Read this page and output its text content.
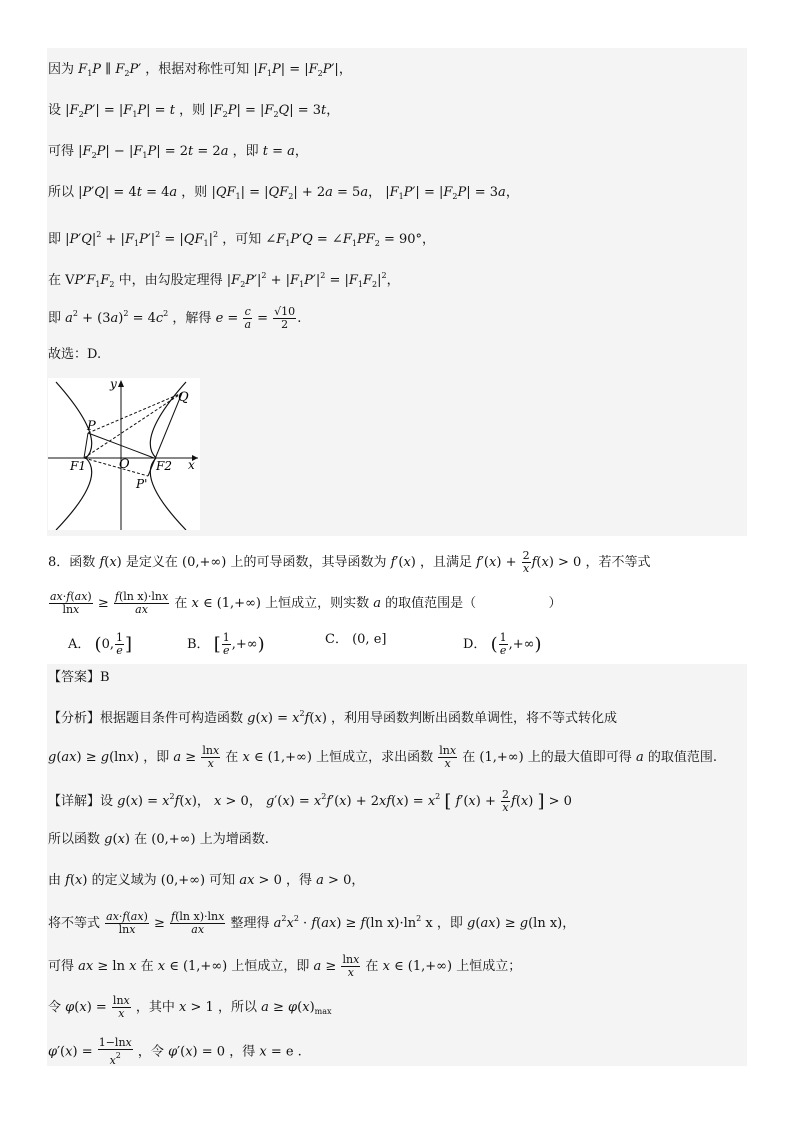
因为 $F_1P$ ∥ $F_2P'$ ，根据对称性可知 $|F_1P| = |F_2P'|$，
设 $|F_2P'| = |F_1P| = t$ ，则 $|F_2P| = |F_2Q| = 3t$，
可得 $|F_2P| - |F_1P| = 2t = 2a$ ，即 t = a，
所以 |P′Q| = 4t = 4a ，则 $|QF_1| = |QF_2| + 2a = 5a$， $|F_1P'| = |F_2P| = 3a$，
即 $|P'Q|^2 + |F_1P'|^2 = |QF_1|^2$ ，可知 $\angle F_1P'Q$ = $\angle F_1PF_2 = 90^\circ$，
在 $VP'F_1F_2$ 中，由勾股定理得 $|F_2P'|^2 + |F_1P'|^2 = |F_1F_2|^2$，
即 $a^2 + (3a)^2 = 4c^2$ ，解得 $e = \frac{c}{a} = \frac{√10}{2}$ .
故选：D.
y
Q
P
F1	O F2 x
P'
8．函数 f(x) 是定义在 (0,+∞) 上的可导函数，其导函数为 f′(x) ，且满足 $f'(x) + \frac{2}{x} f(x) > 0$ ，若不等式
$\frac{ax\cdot f(ax)}{\ln x} \ge \frac{\text{f(ln x)·lnx}}{ax}$ 在 x ∈ (1,+∞) 上恒成立，则实数 a 的取值范围是（	）
A． (0, $\frac{1}{e}$ ]	B． [ $\frac{1}{e}$ ,+∞)	C． (0, e]	D． ( $\frac{1}{e}$ ,+∞)
【答案】B
【分析】根据题目条件可构造函数 $g(x) = x^2f(x)$ ，利用导函数判断出函数单调性，将不等式转化成
g(ax) ≥ g(lnx) ，即 $a \ge \frac{\ln x}{x}$ 在 x ∈ (1,+∞) 上恒成立，求出函数 $\frac{\ln x}{x}$ 在 (1,+∞) 上的最大值即可得 a 的取值范围.
【详解】设 $g(x) = x^2f(x)$， x > 0， $g'(x) = x^2f'(x) + 2xf(x) = x^2$ [ $f'(x) + \frac{2}{x} f(x)$ ] > 0
所以函数 g(x) 在 (0,+∞) 上为增函数.
由 f(x) 的定义域为 (0,+∞) 可知 ax > 0 ，得 a > 0，
将不等式 $\frac{ax\cdot f(ax)}{\ln x} \ge \frac{\text{f(ln x)·lnx}}{ax}$ 整理得 $a^2x^2 \cdot f(ax) \ge f(\ln$ $x)\cdot\ln^2$ x ，即 g(ax) ≥ g(ln x)，
可得 ax ≥ ln x 在 x ∈ (1,+∞) 上恒成立，即 $a \ge \frac{\ln x}{x}$ 在 x ∈ (1,+∞) 上恒成立；
令 $\varphi(x) = \frac{\ln x}{x}$ ，其中 x > 1 ，所以 $a \ge \varphi(x)_{max}$
$\varphi'(x) = \frac{1-\ln x}{x^2}$ ，令 φ′(x) = 0 ，得 x = e .
